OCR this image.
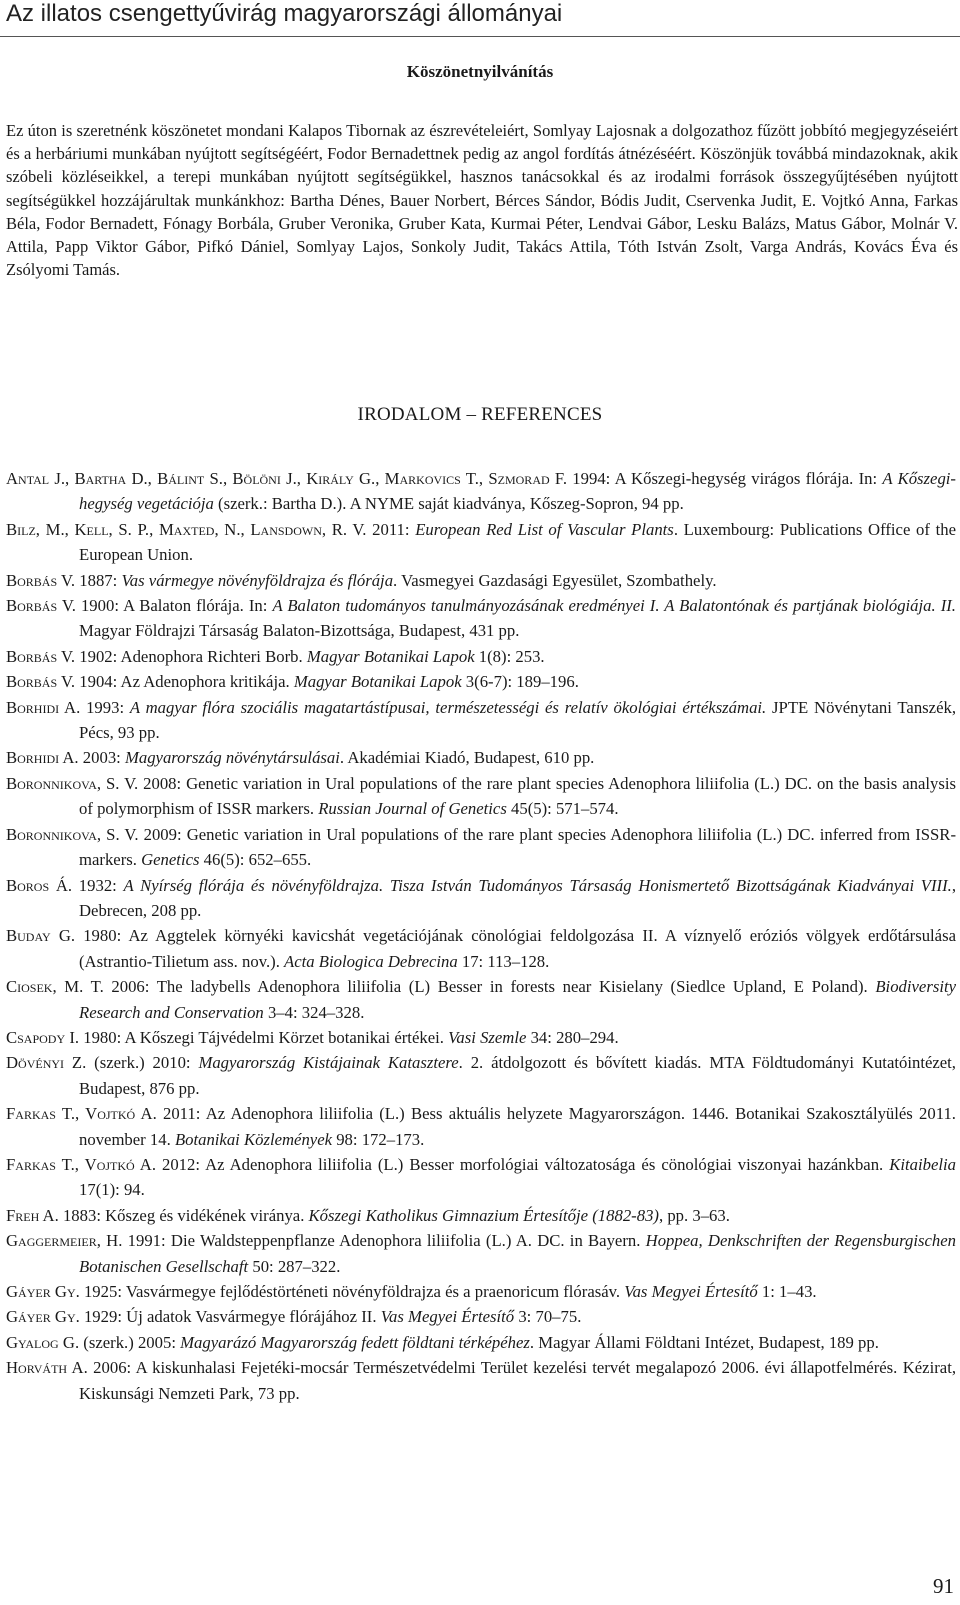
Az illatos csengettyűvirág magyarországi állományai
Köszönetnyilvánítás
Ez úton is szeretnénk köszönetet mondani Kalapos Tibornak az észrevételeiért, Somlyay Lajosnak a dolgozathoz fűzött jobbító megjegyzéseiért és a herbáriumi munkában nyújtott segítségéért, Fodor Bernadettnek pedig az angol fordítás átnézéséért. Köszönjük továbbá mindazoknak, akik szóbeli közléseikkel, a terepi munkában nyújtott segítségükkel, hasznos tanácsokkal és az irodalmi források összegyűjtésében nyújtott segítségükkel hozzájárultak munkánkhoz: Bartha Dénes, Bauer Norbert, Bérces Sándor, Bódis Judit, Cservenka Judit, E. Vojtkó Anna, Farkas Béla, Fodor Bernadett, Fónagy Borbála, Gruber Veronika, Gruber Kata, Kurmai Péter, Lendvai Gábor, Lesku Balázs, Matus Gábor, Molnár V. Attila, Papp Viktor Gábor, Pifkó Dániel, Somlyay Lajos, Sonkoly Judit, Takács Attila, Tóth István Zsolt, Varga András, Kovács Éva és Zsólyomi Tamás.
IRODALOM – REFERENCES

Antal J., Bartha D., Bálint S., Bölöni J., Király G., Markovics T., Szmorad F. 1994: A Kőszegi-hegység virágos flórája. In: A Kőszegi-hegység vegetációja (szerk.: Bartha D.). A NYME saját kiadványa, Kőszeg-Sopron, 94 pp.

Bilz, M., Kell, S. P., Maxted, N., Lansdown, R. V. 2011: European Red List of Vascular Plants. Luxembourg: Publications Office of the European Union.

Borbás V. 1887: Vas vármegye növényföldrajza és flórája. Vasmegyei Gazdasági Egyesület, Szombathely.

Borbás V. 1900: A Balaton flórája. In: A Balaton tudományos tanulmányozásának eredményei I. A Balatontónak és partjának biológiája. II. Magyar Földrajzi Társaság Balaton-Bizottsága, Budapest, 431 pp.

Borbás V. 1902: Adenophora Richteri Borb. Magyar Botanikai Lapok 1(8): 253.

Borbás V. 1904: Az Adenophora kritikája. Magyar Botanikai Lapok 3(6-7): 189–196.

Borhidi A. 1993: A magyar flóra szociális magatartástípusai, természetességi és relatív ökológiai értékszámai. JPTE Növénytani Tanszék, Pécs, 93 pp.

Borhidi A. 2003: Magyarország növénytársulásai. Akadémiai Kiadó, Budapest, 610 pp.

Boronnikova, S. V. 2008: Genetic variation in Ural populations of the rare plant species Adenophora liliifolia (L.) DC. on the basis analysis of polymorphism of ISSR markers. Russian Journal of Genetics 45(5): 571–574.

Boronnikova, S. V. 2009: Genetic variation in Ural populations of the rare plant species Adenophora liliifolia (L.) DC. inferred from ISSR-markers. Genetics 46(5): 652–655.

Boros Á. 1932: A Nyírség flórája és növényföldrajza. Tisza István Tudományos Társaság Honismertető Bizottságának Kiadványai VIII., Debrecen, 208 pp.

Buday G. 1980: Az Aggtelek környéki kavicshát vegetációjának cönológiai feldolgozása II. A víznyelő eróziós völgyek erdőtársulása (Astrantio-Tilietum ass. nov.). Acta Biologica Debrecina 17: 113–128.

Ciosek, M. T. 2006: The ladybells Adenophora liliifolia (L) Besser in forests near Kisielany (Siedlce Upland, E Poland). Biodiversity Research and Conservation 3–4: 324–328.

Csapody I. 1980: A Kőszegi Tájvédelmi Körzet botanikai értékei. Vasi Szemle 34: 280–294.

Dövényi Z. (szerk.) 2010: Magyarország Kistájainak Katasztere. 2. átdolgozott és bővített kiadás. MTA Földtudományi Kutatóintézet, Budapest, 876 pp.

Farkas T., Vojtkó A. 2011: Az Adenophora liliifolia (L.) Bess aktuális helyzete Magyarországon. 1446. Botanikai Szakosztályülés 2011. november 14. Botanikai Közlemények 98: 172–173.

Farkas T., Vojtkó A. 2012: Az Adenophora liliifolia (L.) Besser morfológiai változatosága és cönológiai viszonyai hazánkban. Kitaibelia 17(1): 94.

Freh A. 1883: Kőszeg és vidékének viránya. Kőszegi Katholikus Gimnazium Értesítője (1882-83), pp. 3–63.

Gaggermeier, H. 1991: Die Waldsteppenpflanze Adenophora liliifolia (L.) A. DC. in Bayern. Hoppea, Denkschriften der Regensburgischen Botanischen Gesellschaft 50: 287–322.

Gáyer Gy. 1925: Vasvármegye fejlődéstörténeti növényföldrajza és a praenoricum flórasáv. Vas Megyei Értesítő 1: 1–43.

Gáyer Gy. 1929: Új adatok Vasvármegye flórájához II. Vas Megyei Értesítő 3: 70–75.

Gyalog G. (szerk.) 2005: Magyarázó Magyarország fedett földtani térképéhez. Magyar Állami Földtani Intézet, Budapest, 189 pp.

Horváth A. 2006: A kiskunhalasi Fejetéki-mocsár Természetvédelmi Terület kezelési tervét megalapozó 2006. évi állapotfelmérés. Kézirat, Kiskunsági Nemzeti Park, 73 pp.

91
